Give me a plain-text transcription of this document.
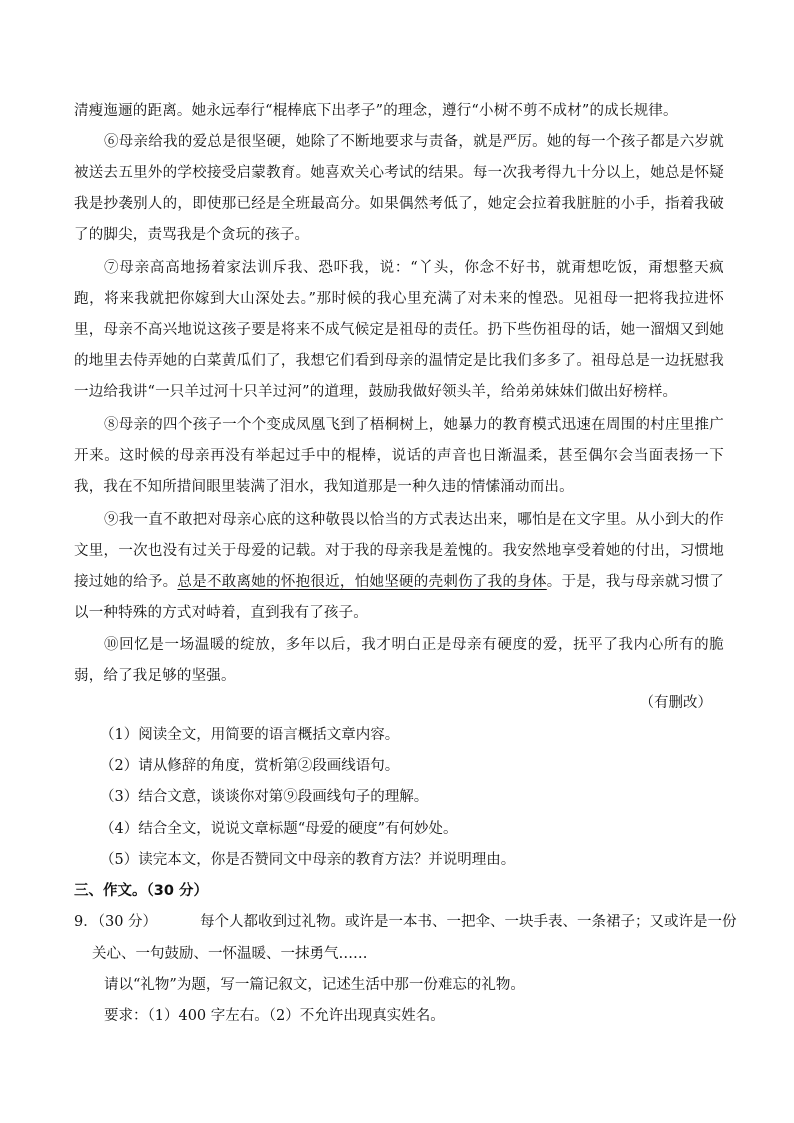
清瘦迤逦的距离。她永远奉行“棍棒底下出孝子”的理念，遵行“小树不剪不成材”的成长规律。

⑥母亲给我的爱总是很坚硬，她除了不断地要求与责备，就是严厉。她的每一个孩子都是六岁就被送去五里外的学校接受启蒙教育。她喜欢关心考试的结果。每一次我考得九十分以上，她总是怀疑我是抄袭别人的，即使那已经是全班最高分。如果偶然考低了，她定会拉着我脏脏的小手，指着我破了的脚尖，责骂我是个贪玩的孩子。

⑦母亲高高地扬着家法训斥我、恐吓我，说：“丫头，你念不好书，就甭想吃饭，甭想整天疯跑，将来我就把你嫁到大山深处去。”那时候的我心里充满了对未来的惶恐。见祖母一把将我拉进怀里，母亲不高兴地说这孩子要是将来不成气候定是祖母的责任。扔下些伤祖母的话，她一溜烟又到她的地里去侍弄她的白菜黄瓜们了，我想它们看到母亲的温情定是比我们多多了。祖母总是一边抚慰我一边给我讲“一只羊过河十只羊过河”的道理，鼓励我做好领头羊，给弟弟妹妹们做出好榜样。

⑧母亲的四个孩子一个个变成凤凰飞到了梧桐树上，她暴力的教育模式迅速在周围的村庄里推广开来。这时候的母亲再没有举起过手中的棍棒，说话的声音也日渐温柔，甚至偶尔会当面表扬一下我，我在不知所措间眼里装满了泪水，我知道那是一种久违的情愫涌动而出。

⑨我一直不敢把对母亲心底的这种敬畏以恰当的方式表达出来，哪怕是在文字里。从小到大的作文里，一次也没有过关于母爱的记载。对于我的母亲我是羞愧的。我安然地享受着她的付出，习惯地接过她的给予。总是不敢离她的怀抱很近，怕她坚硬的壳刺伤了我的身体。于是，我与母亲就习惯了以一种特殊的方式对峙着，直到我有了孩子。

⑩回忆是一场温暖的绽放，多年以后，我才明白正是母亲有硬度的爱，抚平了我内心所有的脆弱，给了我足够的坚强。

（有删改）
（1）阅读全文，用简要的语言概括文章内容。
（2）请从修辞的角度，赏析第②段画线语句。
（3）结合文意，谈谈你对第⑨段画线句子的理解。
（4）结合全文，说说文章标题“母爱的硬度”有何妙处。
（5）读完本文，你是否赞同文中母亲的教育方法？并说明理由。
三、作文。（30 分）
9．（30 分）	每个人都收到过礼物。或许是一本书、一把伞、一块手表、一条裙子；又或许是一份
关心、一句鼓励、一怀温暖、一抹勇气……
请以“礼物”为题，写一篇记叙文，记述生活中那一份难忘的礼物。
要求：（1）400 字左右。（2）不允许出现真实姓名。
